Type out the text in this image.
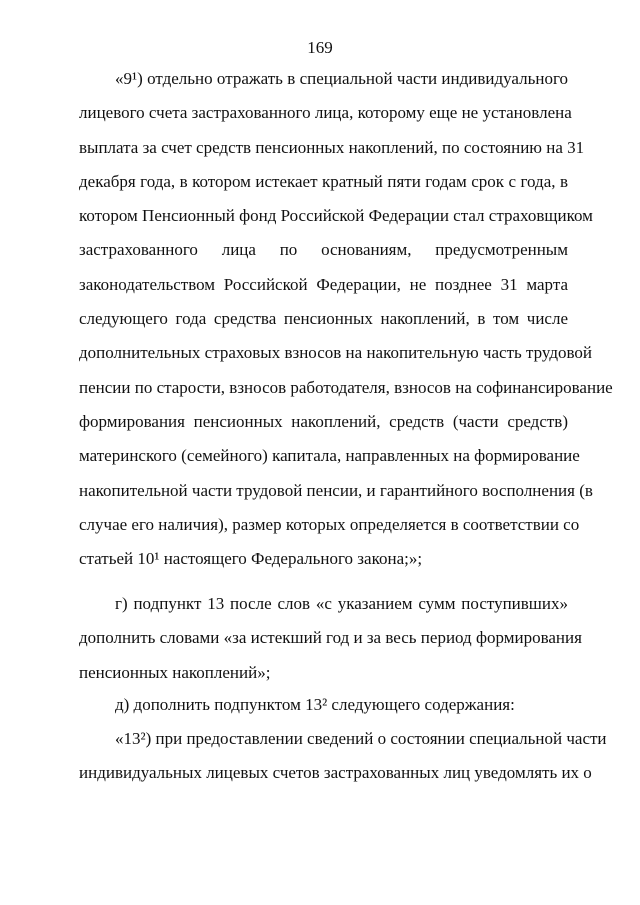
169
«9¹) отдельно отражать в специальной части индивидуального
лицевого счета застрахованного лица, которому еще не установлена
выплата за счет средств пенсионных накоплений, по состоянию на 31
декабря года, в котором истекает кратный пяти годам срок с года, в
котором Пенсионный фонд Российской Федерации стал страховщиком
застрахованного лица по основаниям, предусмотренным
законодательством Российской Федерации, не позднее 31 марта
следующего года средства пенсионных накоплений, в том числе
дополнительных страховых взносов на накопительную часть трудовой
пенсии по старости, взносов работодателя, взносов на софинансирование
формирования пенсионных накоплений, средств (части средств)
материнского (семейного) капитала, направленных на формирование
накопительной части трудовой пенсии, и гарантийного восполнения (в
случае его наличия), размер которых определяется в соответствии со
статьей 10¹ настоящего Федерального закона;»;
г) подпункт 13 после слов «с указанием сумм поступивших»
дополнить словами «за истекший год и за весь период формирования
пенсионных накоплений»;
д) дополнить подпунктом 13² следующего содержания:
«13²) при предоставлении сведений о состоянии специальной части
индивидуальных лицевых счетов застрахованных лиц уведомлять их о
